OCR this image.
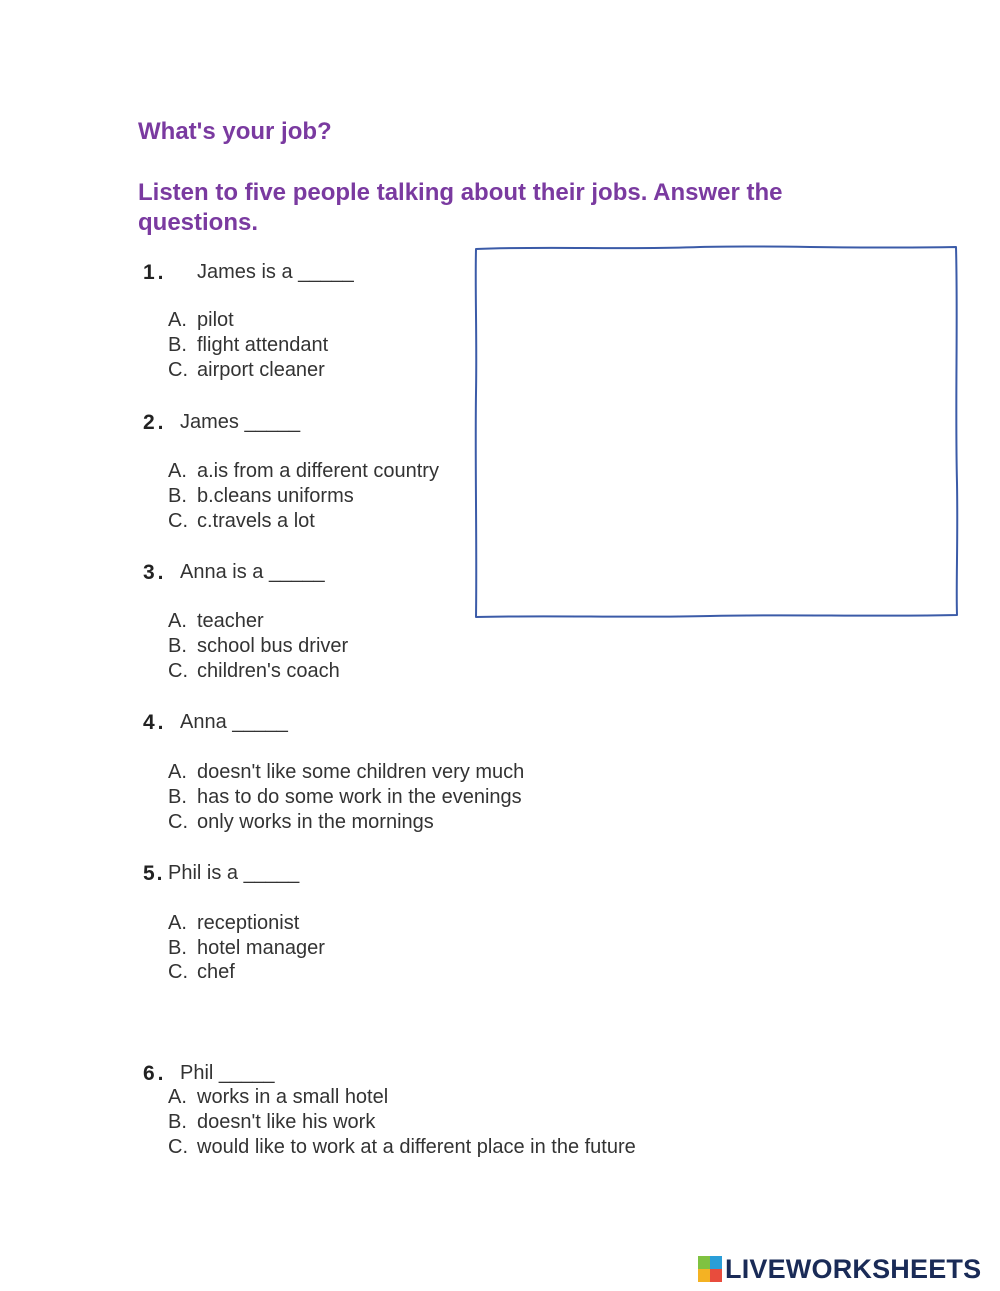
What's your job?
Listen to five people talking about their jobs. Answer the questions.
1. James is a _____
A. pilot
B. flight attendant
C. airport cleaner
2. James _____
A. a.is from a different country
B. b.cleans uniforms
C. c.travels a lot
3. Anna is a _____
A. teacher
B. school bus driver
C. children's coach
4. Anna _____
A. doesn't like some children very much
B. has to do some work in the evenings
C. only works in the mornings
5. Phil is a _____
A. receptionist
B. hotel manager
C. chef
6. Phil _____
A. works in a small hotel
B. doesn't like his work
C. would like to work at a different place in the future
LIVEWORKSHEETS
